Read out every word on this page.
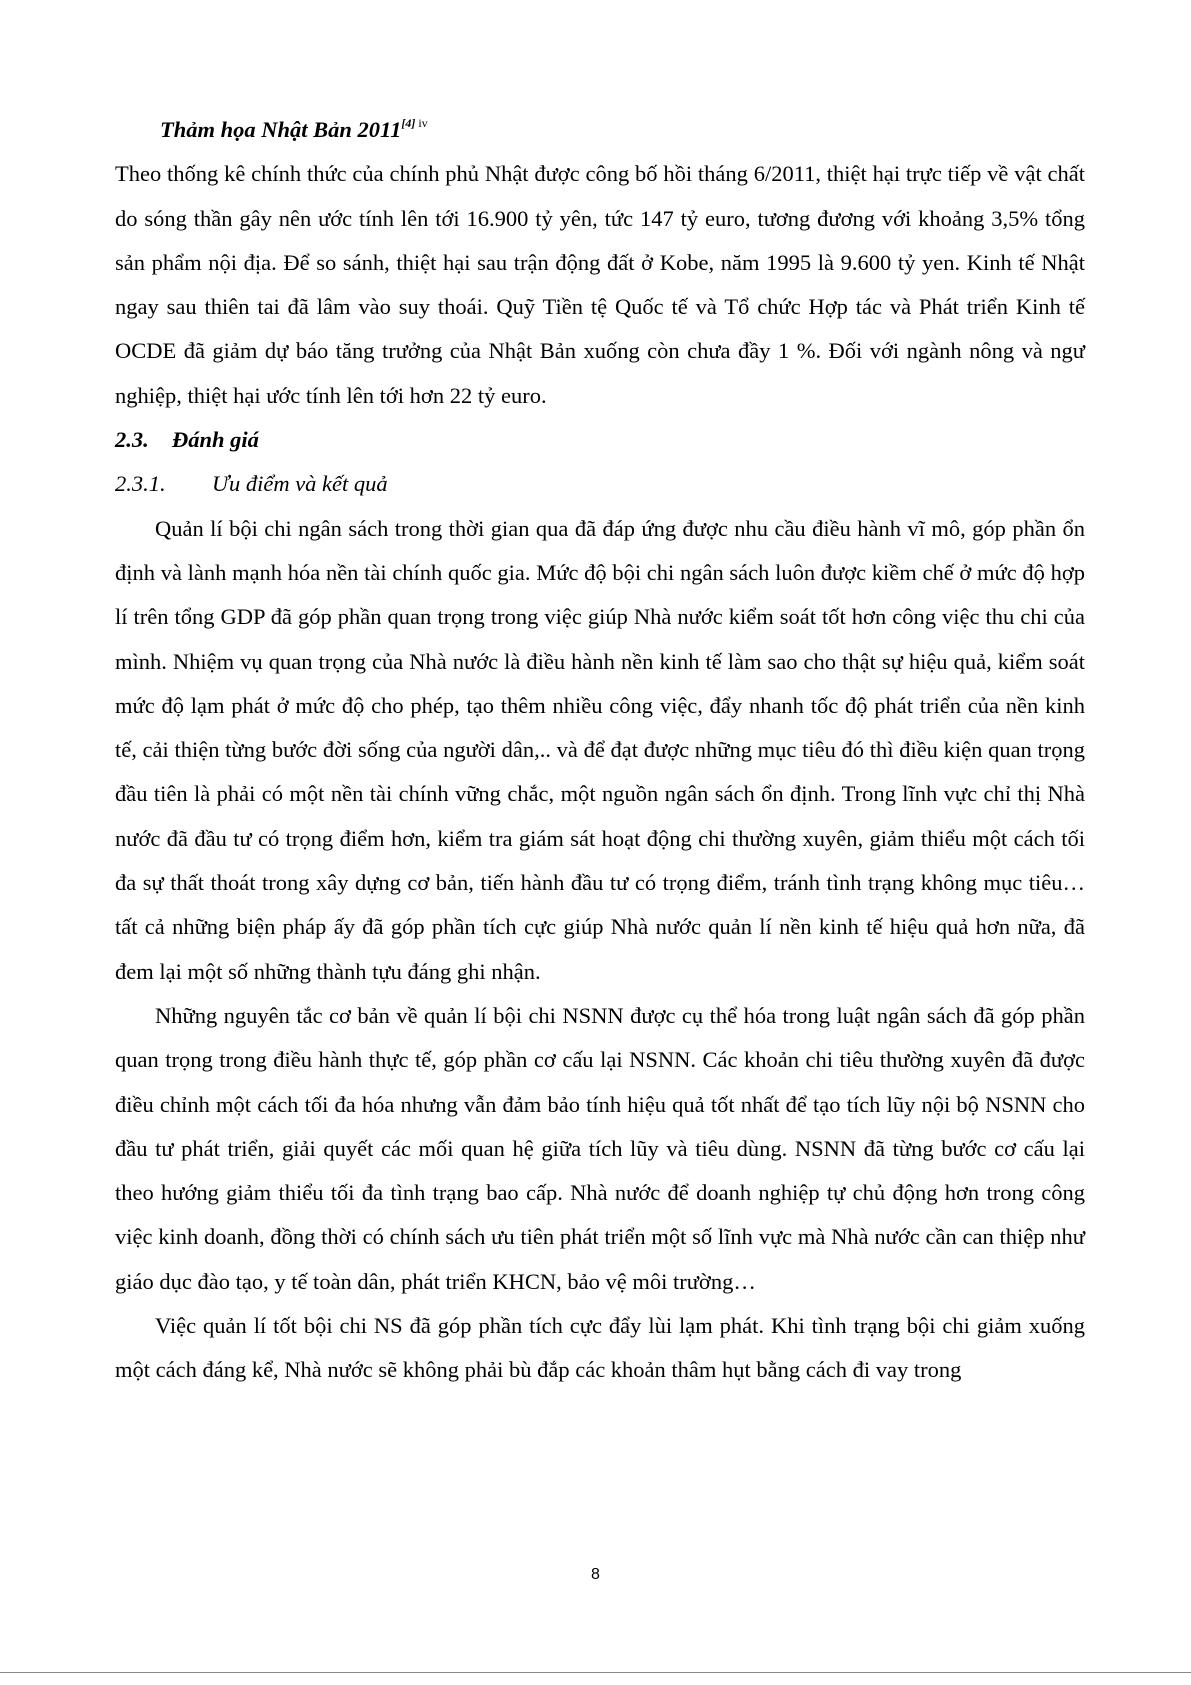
Thảm họa Nhật Bản $2011^{[4] iv}$

Theo thống kê chính thức của chính phủ Nhật được công bố hồi tháng 6/2011, thiệt hại trực tiếp về vật chất do sóng thần gây nên ước tính lên tới 16.900 tỷ yên, tức 147 tỷ euro, tương đương với khoảng 3,5% tổng sản phẩm nội địa. Để so sánh, thiệt hại sau trận động đất ở Kobe, năm 1995 là 9.600 tỷ yen. Kinh tế Nhật ngay sau thiên tai đã lâm vào suy thoái. Quỹ Tiền tệ Quốc tế và Tổ chức Hợp tác và Phát triển Kinh tế OCDE đã giảm dự báo tăng trưởng của Nhật Bản xuống còn chưa đầy 1 %. Đối với ngành nông và ngư nghiệp, thiệt hại ước tính lên tới hơn 22 tỷ euro.

2.3. Đánh giá

2.3.1. Ưu điểm và kết quả

Quản lí bội chi ngân sách trong thời gian qua đã đáp ứng được nhu cầu điều hành vĩ mô, góp phần ổn định và lành mạnh hóa nền tài chính quốc gia. Mức độ bội chi ngân sách luôn được kiềm chế ở mức độ hợp lí trên tổng GDP đã góp phần quan trọng trong việc giúp Nhà nước kiểm soát tốt hơn công việc thu chi của mình. Nhiệm vụ quan trọng của Nhà nước là điều hành nền kinh tế làm sao cho thật sự hiệu quả, kiểm soát mức độ lạm phát ở mức độ cho phép, tạo thêm nhiều công việc, đẩy nhanh tốc độ phát triển của nền kinh tế, cải thiện từng bước đời sống của người dân,.. và để đạt được những mục tiêu đó thì điều kiện quan trọng đầu tiên là phải có một nền tài chính vững chắc, một nguồn ngân sách ổn định. Trong lĩnh vực chỉ thị Nhà nước đã đầu tư có trọng điểm hơn, kiểm tra giám sát hoạt động chi thường xuyên, giảm thiểu một cách tối đa sự thất thoát trong xây dựng cơ bản, tiến hành đầu tư có trọng điểm, tránh tình trạng không mục tiêu…tất cả những biện pháp ấy đã góp phần tích cực giúp Nhà nước quản lí nền kinh tế hiệu quả hơn nữa, đã đem lại một số những thành tựu đáng ghi nhận.

Những nguyên tắc cơ bản về quản lí bội chi NSNN được cụ thể hóa trong luật ngân sách đã góp phần quan trọng trong điều hành thực tế, góp phần cơ cấu lại NSNN. Các khoản chi tiêu thường xuyên đã được điều chỉnh một cách tối đa hóa nhưng vẫn đảm bảo tính hiệu quả tốt nhất để tạo tích lũy nội bộ NSNN cho đầu tư phát triển, giải quyết các mối quan hệ giữa tích lũy và tiêu dùng. NSNN đã từng bước cơ cấu lại theo hướng giảm thiểu tối đa tình trạng bao cấp. Nhà nước để doanh nghiệp tự chủ động hơn trong công việc kinh doanh, đồng thời có chính sách ưu tiên phát triển một số lĩnh vực mà Nhà nước cần can thiệp như giáo dục đào tạo, y tế toàn dân, phát triển KHCN, bảo vệ môi trường…

Việc quản lí tốt bội chi NS đã góp phần tích cực đẩy lùi lạm phát. Khi tình trạng bội chi giảm xuống một cách đáng kể, Nhà nước sẽ không phải bù đắp các khoản thâm hụt bằng cách đi vay trong

8
